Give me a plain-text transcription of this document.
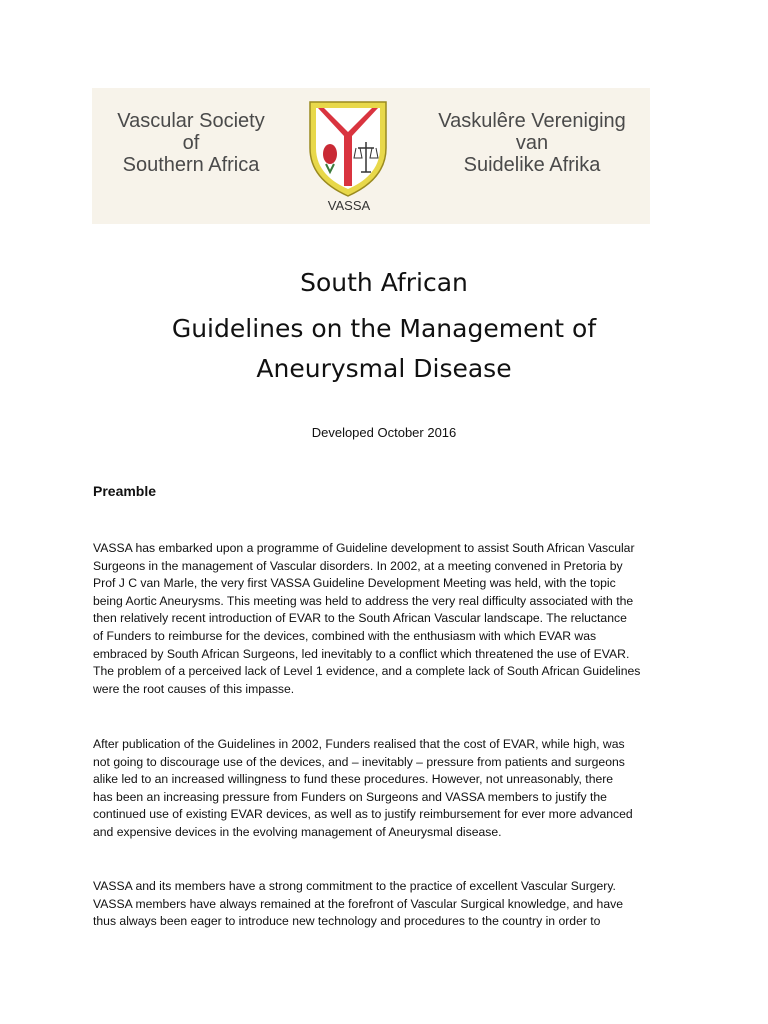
Vascular Society
of
Southern Africa
VASSA
Vaskulêre Vereniging
van
Suidelike Afrika
South African
Guidelines on the Management of
Aneurysmal Disease
Developed October 2016
Preamble

VASSA has embarked upon a programme of Guideline development to assist South African Vascular
Surgeons in the management of Vascular disorders. In 2002, at a meeting convened in Pretoria by
Prof J C van Marle, the very first VASSA Guideline Development Meeting was held, with the topic
being Aortic Aneurysms. This meeting was held to address the very real difficulty associated with the
then relatively recent introduction of EVAR to the South African Vascular landscape. The reluctance
of Funders to reimburse for the devices, combined with the enthusiasm with which EVAR was
embraced by South African Surgeons, led inevitably to a conflict which threatened the use of EVAR.
The problem of a perceived lack of Level 1 evidence, and a complete lack of South African Guidelines
were the root causes of this impasse.

After publication of the Guidelines in 2002, Funders realised that the cost of EVAR, while high, was
not going to discourage use of the devices, and – inevitably – pressure from patients and surgeons
alike led to an increased willingness to fund these procedures. However, not unreasonably, there
has been an increasing pressure from Funders on Surgeons and VASSA members to justify the
continued use of existing EVAR devices, as well as to justify reimbursement for ever more advanced
and expensive devices in the evolving management of Aneurysmal disease.

VASSA and its members have a strong commitment to the practice of excellent Vascular Surgery.
VASSA members have always remained at the forefront of Vascular Surgical knowledge, and have
thus always been eager to introduce new technology and procedures to the country in order to
